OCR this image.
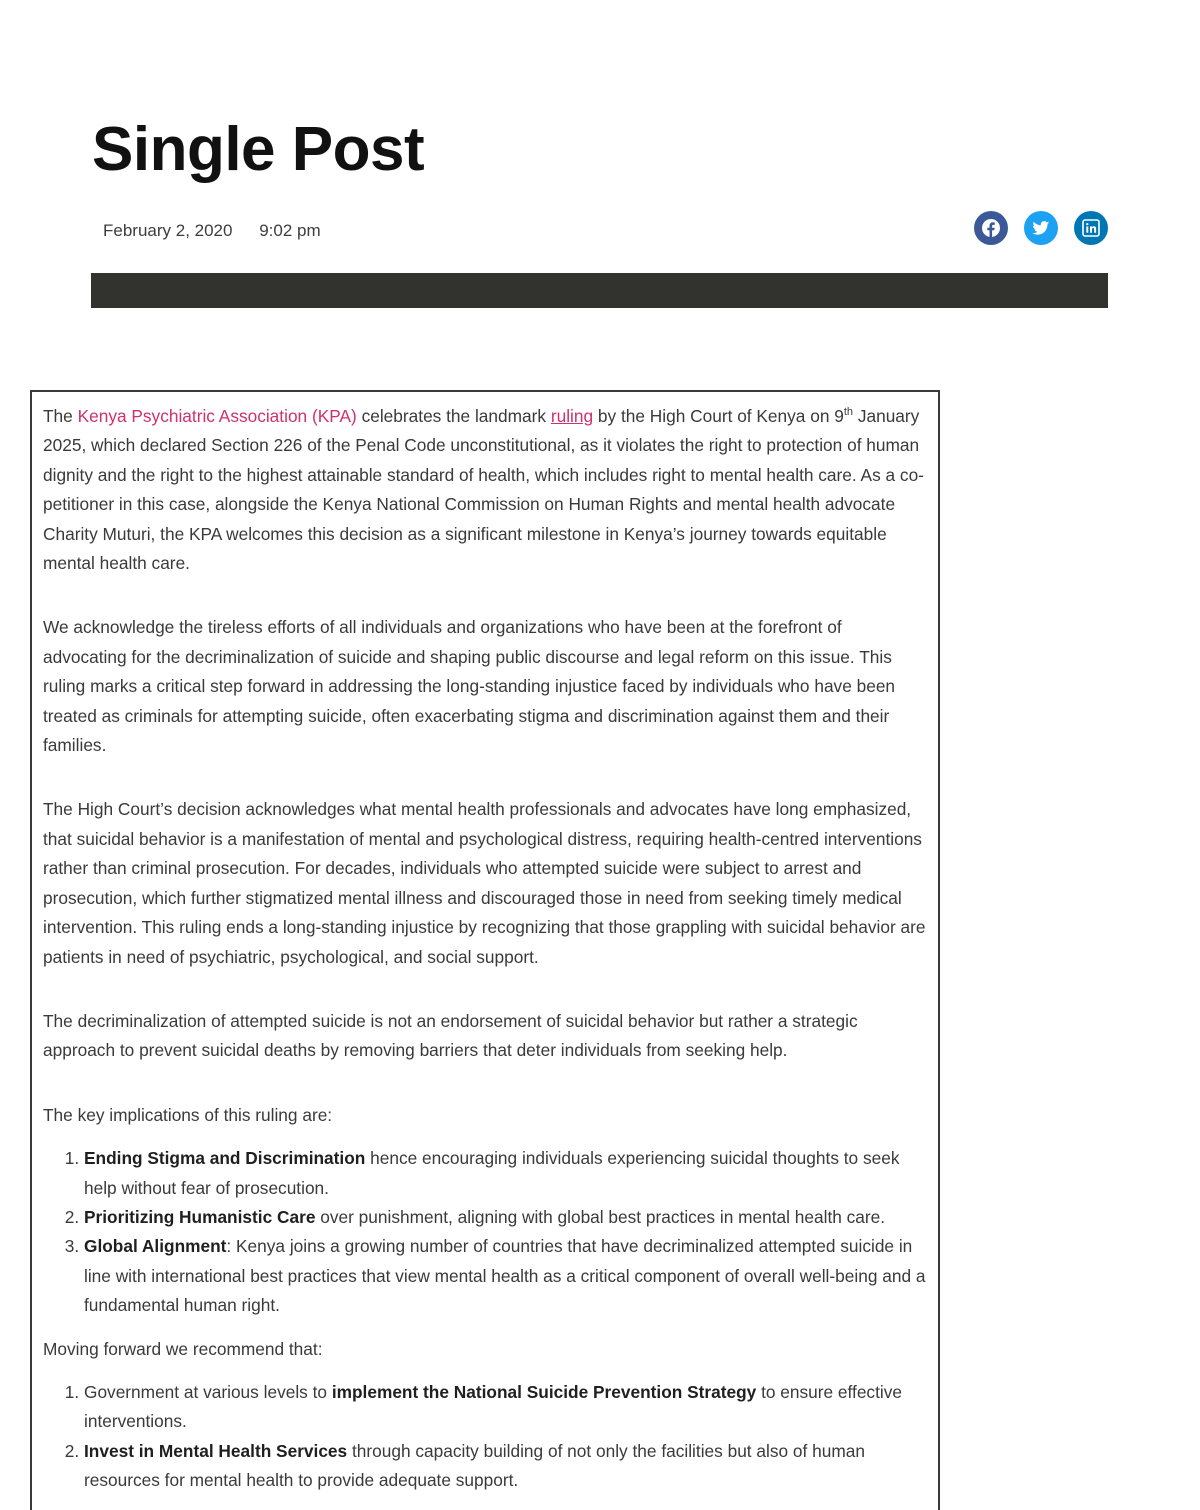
Single Post
February 2, 2020 9:02 pm

The Kenya Psychiatric Association (KPA) celebrates the landmark ruling by the High Court of Kenya on 9th January 2025, which declared Section 226 of the Penal Code unconstitutional, as it violates the right to protection of human dignity and the right to the highest attainable standard of health, which includes right to mental health care. As a co-petitioner in this case, alongside the Kenya National Commission on Human Rights and mental health advocate Charity Muturi, the KPA welcomes this decision as a significant milestone in Kenya’s journey towards equitable mental health care.

We acknowledge the tireless efforts of all individuals and organizations who have been at the forefront of advocating for the decriminalization of suicide and shaping public discourse and legal reform on this issue. This ruling marks a critical step forward in addressing the long-standing injustice faced by individuals who have been treated as criminals for attempting suicide, often exacerbating stigma and discrimination against them and their families.

The High Court’s decision acknowledges what mental health professionals and advocates have long emphasized, that suicidal behavior is a manifestation of mental and psychological distress, requiring health-centred interventions rather than criminal prosecution. For decades, individuals who attempted suicide were subject to arrest and prosecution, which further stigmatized mental illness and discouraged those in need from seeking timely medical intervention. This ruling ends a long-standing injustice by recognizing that those grappling with suicidal behavior are patients in need of psychiatric, psychological, and social support.

The decriminalization of attempted suicide is not an endorsement of suicidal behavior but rather a strategic approach to prevent suicidal deaths by removing barriers that deter individuals from seeking help.

The key implications of this ruling are:

1. Ending Stigma and Discrimination hence encouraging individuals experiencing suicidal thoughts to seek help without fear of prosecution.
2. Prioritizing Humanistic Care over punishment, aligning with global best practices in mental health care.
3. Global Alignment: Kenya joins a growing number of countries that have decriminalized attempted suicide in line with international best practices that view mental health as a critical component of overall well-being and a fundamental human right.

Moving forward we recommend that:

1. Government at various levels to implement the National Suicide Prevention Strategy to ensure effective interventions.
2. Invest in Mental Health Services through capacity building of not only the facilities but also of human resources for mental health to provide adequate support.
